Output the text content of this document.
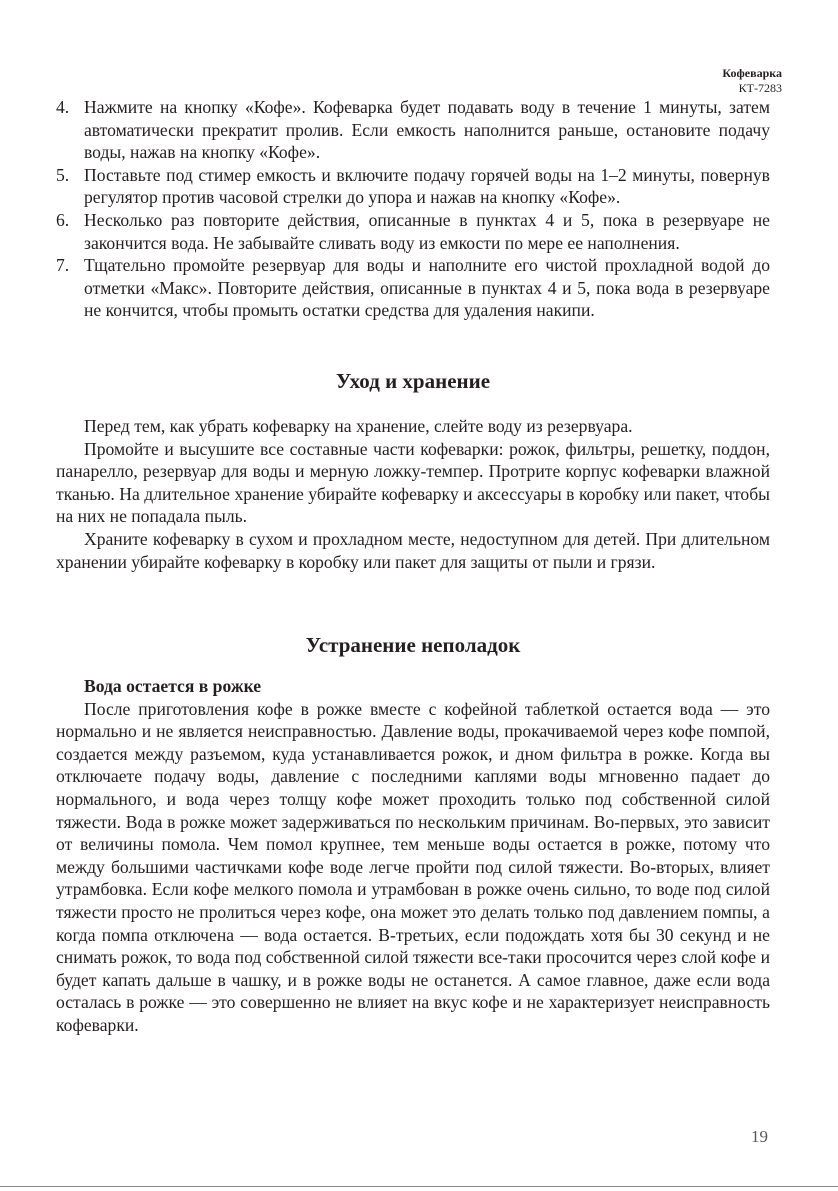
Кофеварка
КТ-7283
4. Нажмите на кнопку «Кофе». Кофеварка будет подавать воду в течение 1 минуты, затем автоматически прекратит пролив. Если емкость наполнится раньше, остановите подачу воды, нажав на кнопку «Кофе».
5. Поставьте под стимер емкость и включите подачу горячей воды на 1–2 минуты, повернув регулятор против часовой стрелки до упора и нажав на кнопку «Кофе».
6. Несколько раз повторите действия, описанные в пунктах 4 и 5, пока в резервуаре не закончится вода. Не забывайте сливать воду из емкости по мере ее наполнения.
7. Тщательно промойте резервуар для воды и наполните его чистой прохладной водой до отметки «Макс». Повторите действия, описанные в пунктах 4 и 5, пока вода в резервуаре не кончится, чтобы промыть остатки средства для удаления накипи.
Уход и хранение

Перед тем, как убрать кофеварку на хранение, слейте воду из резервуара.

Промойте и высушите все составные части кофеварки: рожок, фильтры, решетку, поддон, панарелло, резервуар для воды и мерную ложку-темпер. Протрите корпус кофеварки влажной тканью. На длительное хранение убирайте кофеварку и аксессуары в коробку или пакет, чтобы на них не попадала пыль.

Храните кофеварку в сухом и прохладном месте, недоступном для детей. При длительном хранении убирайте кофеварку в коробку или пакет для защиты от пыли и грязи.

Устранение неполадок
Вода остается в рожке

После приготовления кофе в рожке вместе с кофейной таблеткой остается вода — это нормально и не является неисправностью. Давление воды, прокачиваемой через кофе помпой, создается между разъемом, куда устанавливается рожок, и дном фильтра в рожке. Когда вы отключаете подачу воды, давление с последними каплями воды мгновенно падает до нормального, и вода через толщу кофе может проходить только под собственной силой тяжести. Вода в рожке может задерживаться по нескольким причинам. Во-первых, это зависит от величины помола. Чем помол крупнее, тем меньше воды остается в рожке, потому что между большими частичками кофе воде легче пройти под силой тяжести. Во-вторых, влияет утрамбовка. Если кофе мелкого помола и утрамбован в рожке очень сильно, то воде под силой тяжести просто не пролиться через кофе, она может это делать только под давлением помпы, а когда помпа отключена — вода остается. В-третьих, если подождать хотя бы 30 секунд и не снимать рожок, то вода под собственной силой тяжести все-таки просочится через слой кофе и будет капать дальше в чашку, и в рожке воды не останется. А самое главное, даже если вода осталась в рожке — это совершенно не влияет на вкус кофе и не характеризует неисправность кофеварки.

19
